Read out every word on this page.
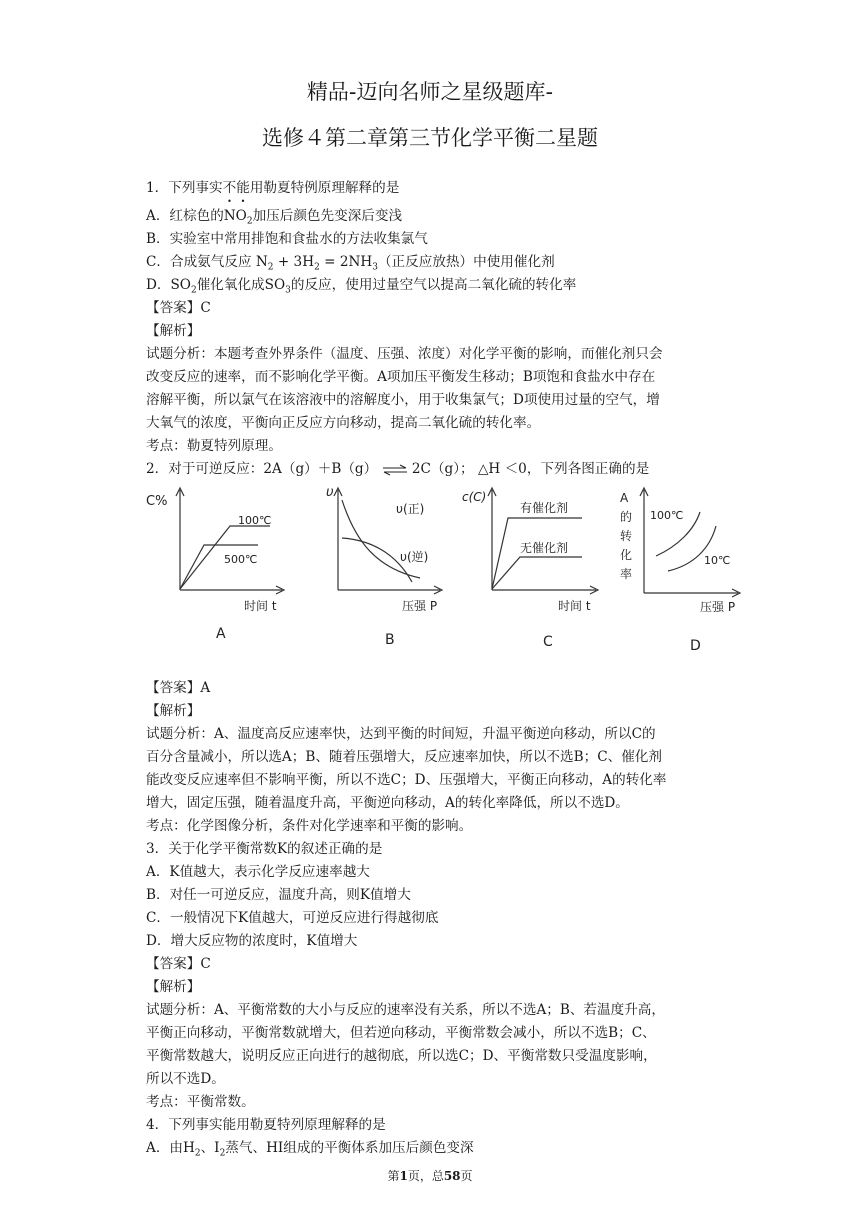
精品-迈向名师之星级题库-
选修４第二章第三节化学平衡二星题
1．下列事实不能用勒夏特例原理解释的是
A．红棕色的$NO_2$加压后颜色先变深后变浅
B．实验室中常用排饱和食盐水的方法收集氯气
C．合成氨气反应 $N_2 + 3H_2 = 2NH_3$（正反应放热）中使用催化剂
D．$SO_2$催化氧化成$SO_3$的反应，使用过量空气以提高二氧化硫的转化率
【答案】C
【解析】
试题分析：本题考查外界条件（温度、压强、浓度）对化学平衡的影响，而催化剂只会
改变反应的速率，而不影响化学平衡。A项加压平衡发生移动；B项饱和食盐水中存在
溶解平衡，所以氯气在该溶液中的溶解度小，用于收集氯气；D项使用过量的空气，增
大氧气的浓度，平衡向正反应方向移动，提高二氧化硫的转化率。
考点：勒夏特列原理。
2．对于可逆反应：2A（g）＋B（g） ⇌ 2C（g）； △H ＜0，下列各图正确的是
C%
100℃
500℃
时间 t
A
υ
υ(正)
υ(逆)
压强 P
B
c(C)
有催化剂
无催化剂
时间 t
C
A
的
转
化
率
100℃
10℃
压强 P
D
【答案】A
【解析】
试题分析：A、温度高反应速率快，达到平衡的时间短，升温平衡逆向移动，所以C的
百分含量减小，所以选A；B、随着压强增大，反应速率加快，所以不选B；C、催化剂
能改变反应速率但不影响平衡，所以不选C；D、压强增大，平衡正向移动，A的转化率
增大，固定压强，随着温度升高，平衡逆向移动，A的转化率降低，所以不选D。
考点：化学图像分析，条件对化学速率和平衡的影响。
3．关于化学平衡常数K的叙述正确的是
A．K值越大，表示化学反应速率越大
B．对任一可逆反应，温度升高，则K值增大
C．一般情况下K值越大，可逆反应进行得越彻底
D．增大反应物的浓度时，K值增大
【答案】C
【解析】
试题分析：A、平衡常数的大小与反应的速率没有关系，所以不选A；B、若温度升高，
平衡正向移动，平衡常数就增大，但若逆向移动，平衡常数会减小，所以不选B；C、
平衡常数越大，说明反应正向进行的越彻底，所以选C；D、平衡常数只受温度影响，
所以不选D。
考点：平衡常数。
4．下列事实能用勒夏特列原理解释的是
A．由$H_2$、$I_2$蒸气、HI组成的平衡体系加压后颜色变深
第1页，总58页
